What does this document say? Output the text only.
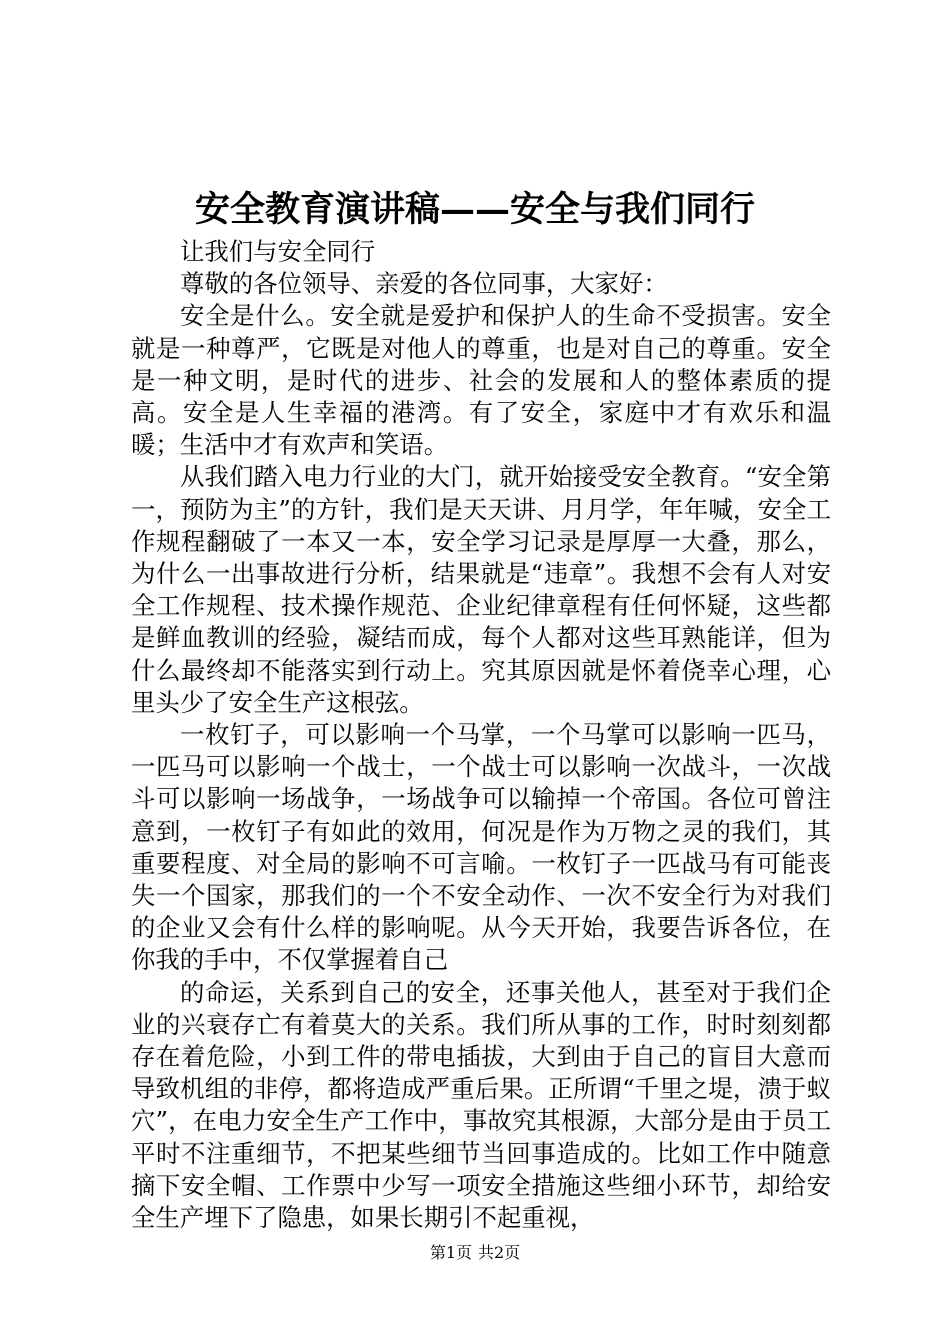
安全教育演讲稿——安全与我们同行

让我们与安全同行

尊敬的各位领导、亲爱的各位同事，大家好：

安全是什么。安全就是爱护和保护人的生命不受损害。安全就是一种尊严，它既是对他人的尊重，也是对自己的尊重。安全是一种文明，是时代的进步、社会的发展和人的整体素质的提高。安全是人生幸福的港湾。有了安全，家庭中才有欢乐和温暖；生活中才有欢声和笑语。

从我们踏入电力行业的大门，就开始接受安全教育。“安全第一，预防为主”的方针，我们是天天讲、月月学，年年喊，安全工作规程翻破了一本又一本，安全学习记录是厚厚一大叠，那么，为什么一出事故进行分析，结果就是“违章”。我想不会有人对安全工作规程、技术操作规范、企业纪律章程有任何怀疑，这些都是鲜血教训的经验，凝结而成，每个人都对这些耳熟能详，但为什么最终却不能落实到行动上。究其原因就是怀着侥幸心理，心里头少了安全生产这根弦。

一枚钉子，可以影响一个马掌，一个马掌可以影响一匹马，一匹马可以影响一个战士，一个战士可以影响一次战斗，一次战斗可以影响一场战争，一场战争可以输掉一个帝国。各位可曾注意到，一枚钉子有如此的效用，何况是作为万物之灵的我们，其重要程度、对全局的影响不可言喻。一枚钉子一匹战马有可能丧失一个国家，那我们的一个不安全动作、一次不安全行为对我们的企业又会有什么样的影响呢。从今天开始，我要告诉各位，在你我的手中，不仅掌握着自己

的命运，关系到自己的安全，还事关他人，甚至对于我们企业的兴衰存亡有着莫大的关系。我们所从事的工作，时时刻刻都存在着危险，小到工件的带电插拔，大到由于自己的盲目大意而导致机组的非停，都将造成严重后果。正所谓“千里之堤，溃于蚁穴”，在电力安全生产工作中，事故究其根源，大部分是由于员工平时不注重细节，不把某些细节当回事造成的。比如工作中随意摘下安全帽、工作票中少写一项安全措施这些细小环节，却给安全生产埋下了隐患，如果长期引不起重视，

第1页 共2页
